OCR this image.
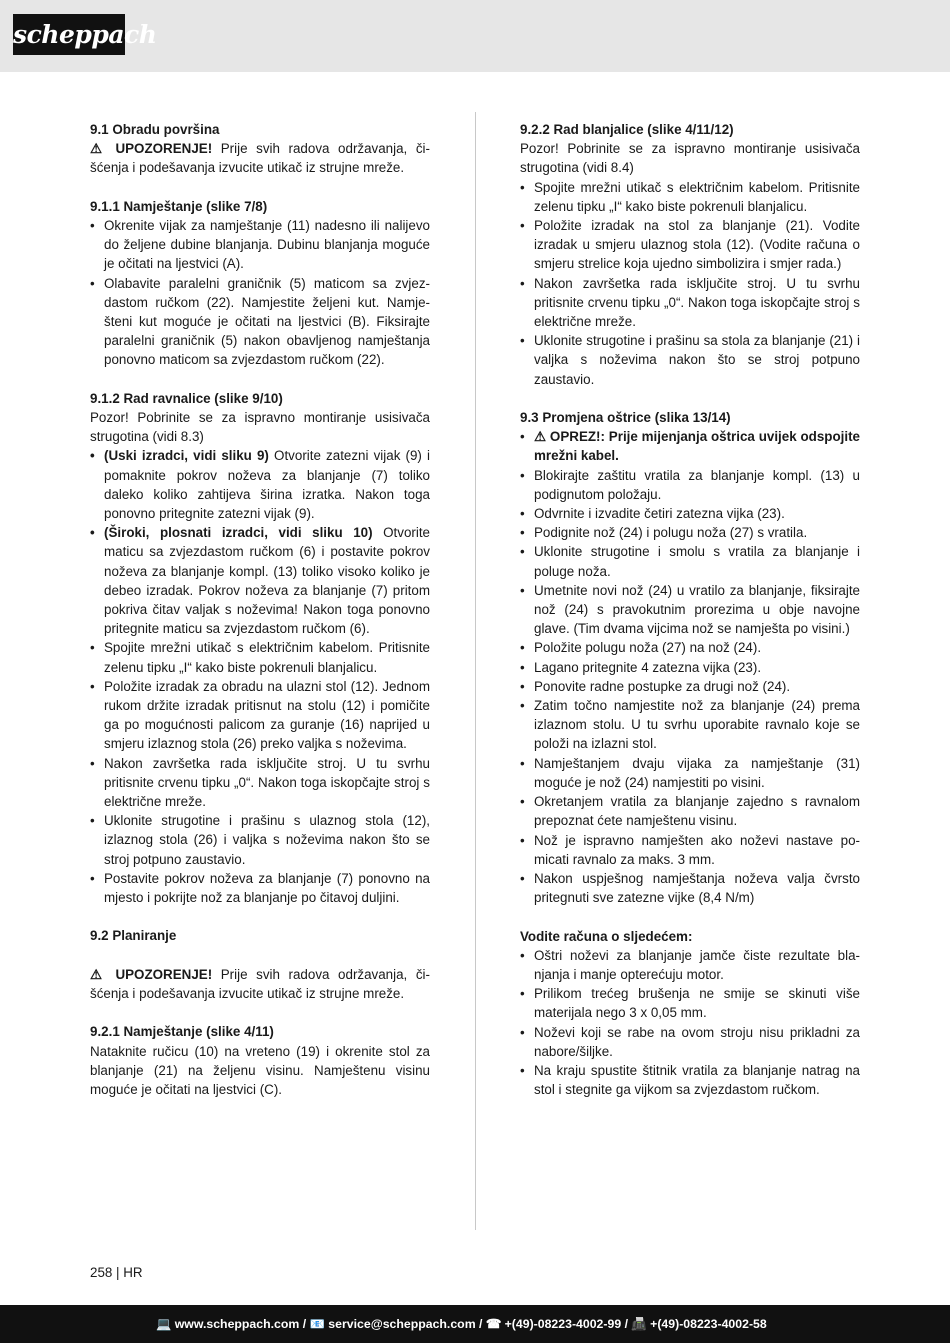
scheppach

9.1 Obradu površina

⚠ UPOZORENJE! Prije svih radova održavanja, čišćenja i podešavanja izvucite utikač iz strujne mreže.

9.1.1 Namještanje (slike 7/8)

• Okrenite vijak za namještanje (11) nadesno ili nalijevo do željene dubine blanjanja. Dubinu blanjanja moguće je očitati na ljestvici (A).
• Olabavite paralelni graničnik (5) maticom sa zvjezdastom ručkom (22). Namjestite željeni kut. Namješteni kut moguće je očitati na ljestvici (B). Fiksirajte paralelni graničnik (5) nakon obavljenog namještanja ponovno maticom sa zvjezdastom ručkom (22).

9.1.2 Rad ravnalice (slike 9/10)

Pozor! Pobrinite se za ispravno montiranje usisivača strugotina (vidi 8.3)

• (Uski izradci, vidi sliku 9) Otvorite zatezni vijak (9) i pomaknite pokrov noževa za blanjanje (7) toliko daleko koliko zahtijeva širina izratka. Nakon toga ponovno pritegnite zatezni vijak (9).
• (Široki, plosnati izradci, vidi sliku 10) Otvorite maticu sa zvjezdastom ručkom (6) i postavite pokrov noževa za blanjanje kompl. (13) toliko visoko koliko je debeo izradak. Pokrov noževa za blanjanje (7) pritom pokriva čitav valjak s noževima! Nakon toga ponovno pritegnite maticu sa zvjezdastom ručkom (6).
• Spojite mrežni utikač s električnim kabelom. Pritisnite zelenu tipku „I“ kako biste pokrenuli blanjalicu.
• Položite izradak za obradu na ulazni stol (12). Jednom rukom držite izradak pritisnut na stolu (12) i pomičite ga po mogućnosti palicom za guranje (16) naprijed u smjeru izlaznog stola (26) preko valjka s noževima.
• Nakon završetka rada isključite stroj. U tu svrhu pritisnite crvenu tipku „0“. Nakon toga iskopčajte stroj s električne mreže.
• Uklonite strugotine i prašinu s ulaznog stola (12), izlaznog stola (26) i valjka s noževima nakon što se stroj potpuno zaustavio.
• Postavite pokrov noževa za blanjanje (7) ponovno na mjesto i pokrijte nož za blanjanje po čitavoj duljini.

9.2 Planiranje

⚠ UPOZORENJE! Prije svih radova održavanja, čišćenja i podešavanja izvucite utikač iz strujne mreže.

9.2.1 Namještanje (slike 4/11)

Nataknite ručicu (10) na vreteno (19) i okrenite stol za blanjanje (21) na željenu visinu. Namještenu visinu moguće je očitati na ljestvici (C).

9.2.2 Rad blanjalice (slike 4/11/12)

Pozor! Pobrinite se za ispravno montiranje usisivača strugotina (vidi 8.4)

• Spojite mrežni utikač s električnim kabelom. Pritisnite zelenu tipku „I“ kako biste pokrenuli blanjalicu.
• Položite izradak na stol za blanjanje (21). Vodite izradak u smjeru ulaznog stola (12). (Vodite računa o smjeru strelice koja ujedno simbolizira i smjer rada.)
• Nakon završetka rada isključite stroj. U tu svrhu pritisnite crvenu tipku „0“. Nakon toga iskopčajte stroj s električne mreže.
• Uklonite strugotine i prašinu sa stola za blanjanje (21) i valjka s noževima nakon što se stroj potpuno zaustavio.

9.3 Promjena oštrice (slika 13/14)

• ⚠ OPREZ!: Prije mijenjanja oštrica uvijek odspojite mrežni kabel.
• Blokirajte zaštitu vratila za blanjanje kompl. (13) u podignutom položaju.
• Odvrnite i izvadite četiri zatezna vijka (23).
• Podignite nož (24) i polugu noža (27) s vratila.
• Uklonite strugotine i smolu s vratila za blanjanje i poluge noža.
• Umetnite novi nož (24) u vratilo za blanjanje, fiksirajte nož (24) s pravokutnim prorezima u obje navojne glave. (Tim dvama vijcima nož se namješta po visini.)
• Položite polugu noža (27) na nož (24).
• Lagano pritegnite 4 zatezna vijka (23).
• Ponovite radne postupke za drugi nož (24).
• Zatim točno namjestite nož za blanjanje (24) prema izlaznom stolu. U tu svrhu uporabite ravnalo koje se položi na izlazni stol.
• Namještanjem dvaju vijaka za namještanje (31) moguće je nož (24) namjestiti po visini.
• Okretanjem vratila za blanjanje zajedno s ravnalom prepoznat ćete namještenu visinu.
• Nož je ispravno namješten ako noževi nastave pomicati ravnalo za maks. 3 mm.
• Nakon uspješnog namještanja noževa valja čvrsto pritegnuti sve zatezne vijke (8,4 N/m)

Vodite računa o sljedećem:

• Oštri noževi za blanjanje jamče čiste rezultate blanjanja i manje opterećuju motor.
• Prilikom trećeg brušenja ne smije se skinuti više materijala nego 3 x 0,05 mm.
• Noževi koji se rabe na ovom stroju nisu prikladni za nabore/šiljke.
• Na kraju spustite štitnik vratila za blanjanje natrag na stol i stegnite ga vijkom sa zvjezdastom ručkom.
258 | HR
💻 www.scheppach.com / 📧 service@scheppach.com / ☎ +(49)-08223-4002-99 / 📠 +(49)-08223-4002-58
